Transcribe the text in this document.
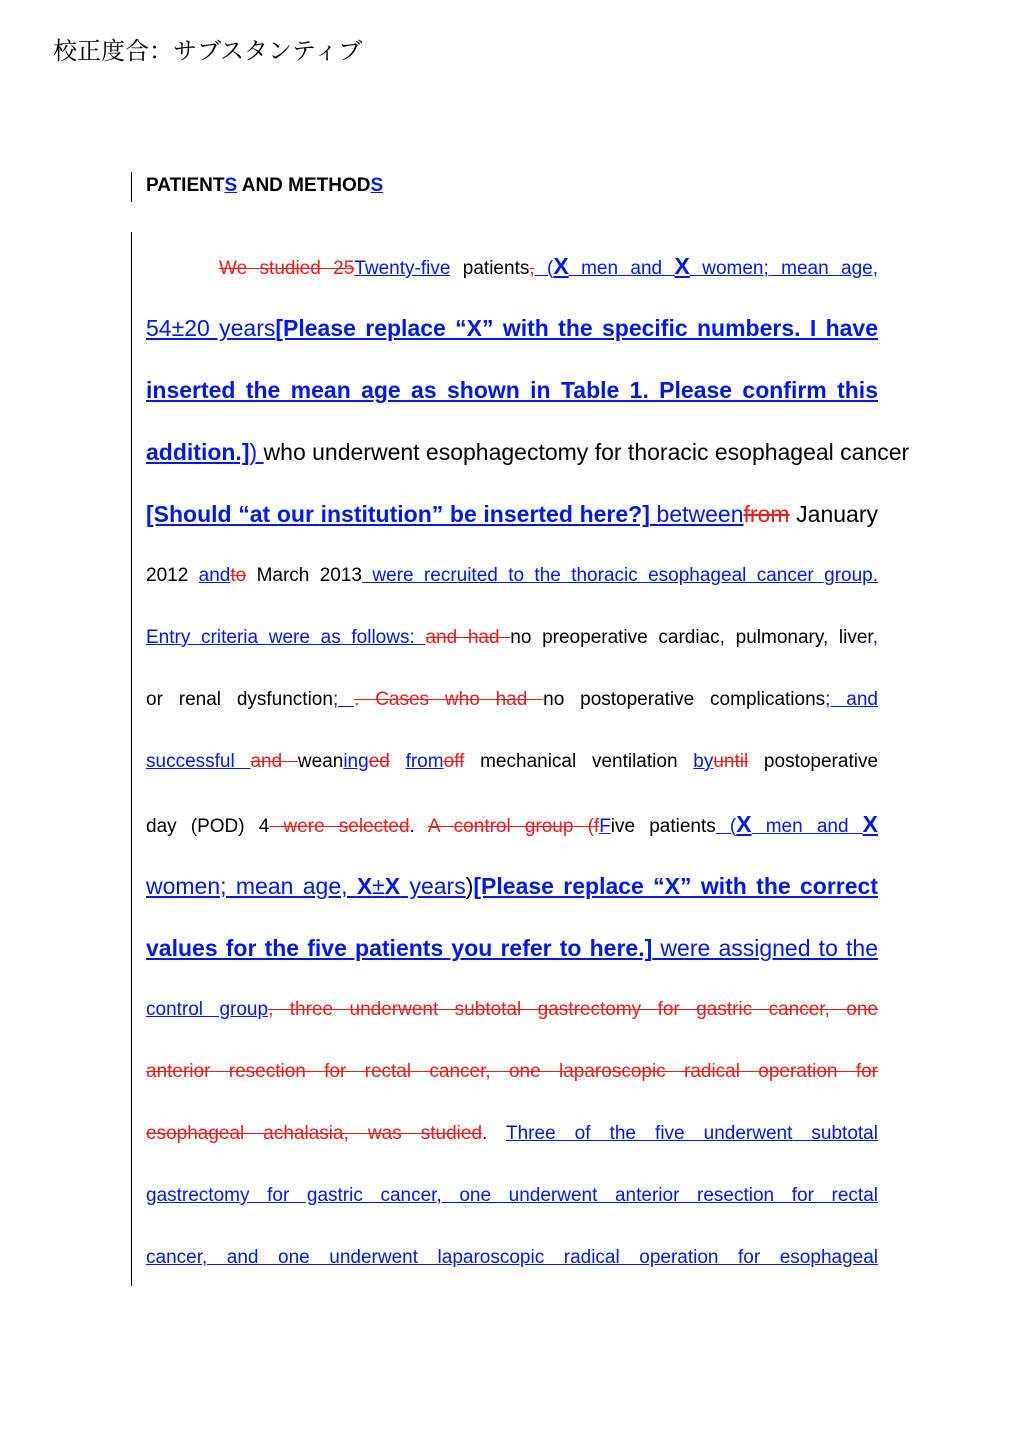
校正度合：サブスタンティブ
PATIENTS AND METHODS
We studied 25Twenty-five patients, (X men and X women; mean age,
54±20 years[Please replace “X” with the specific numbers. I have
inserted the mean age as shown in Table 1. Please confirm this
addition.]) who underwent esophagectomy for thoracic esophageal cancer
[Should “at our institution” be inserted here?] betweenfrom January
2012 andto March 2013 were recruited to the thoracic esophageal cancer group.
Entry criteria were as follows: and had no preoperative cardiac, pulmonary, liver,
or renal dysfunction; . Cases who had no postoperative complications; and
successful and weaninged fromoff mechanical ventilation byuntil postoperative
day (POD) 4 were selected. A control group (fFive patients (X men and X
women; mean age, X±X years)[Please replace “X” with the correct
values for the five patients you refer to here.] were assigned to the
control group, three underwent subtotal gastrectomy for gastric cancer, one
anterior resection for rectal cancer, one laparoscopic radical operation for
esophageal achalasia, was studied. Three of the five underwent subtotal
gastrectomy for gastric cancer, one underwent anterior resection for rectal
cancer, and one underwent laparoscopic radical operation for esophageal
